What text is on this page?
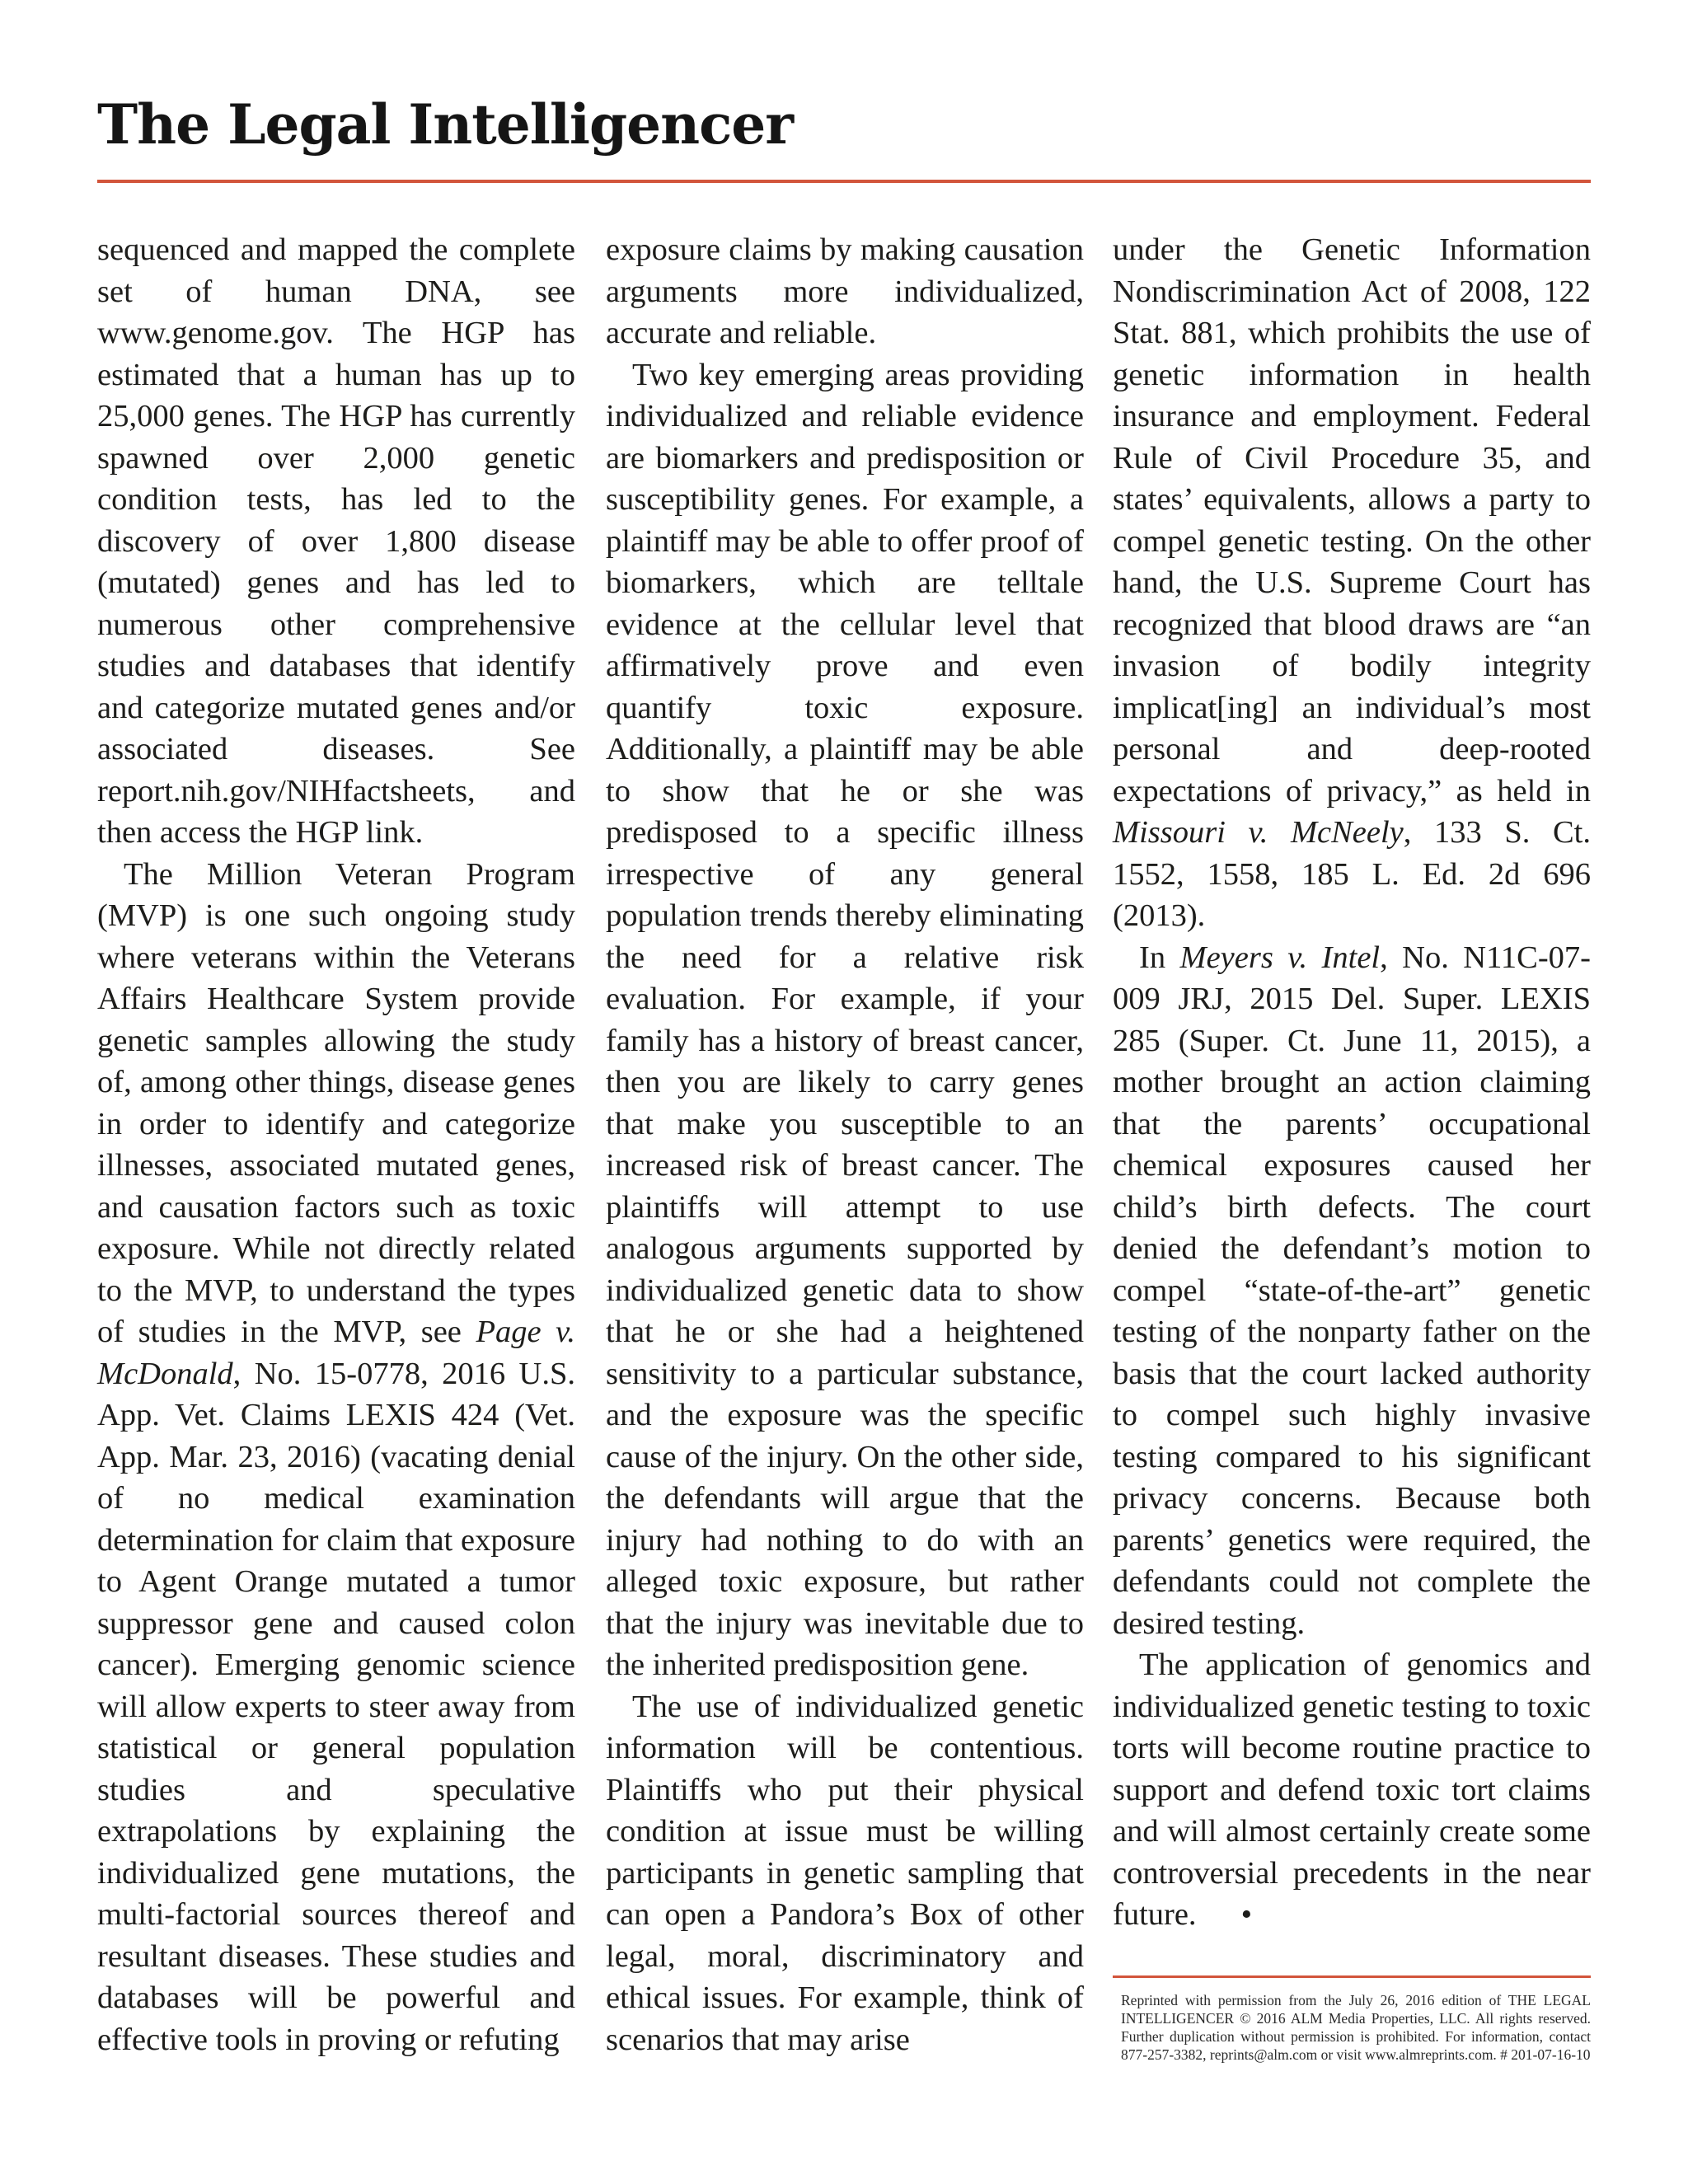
The Legal Intelligencer

sequenced and mapped the complete set of human DNA, see www.genome.gov. The HGP has estimated that a human has up to 25,000 genes. The HGP has currently spawned over 2,000 genetic condition tests, has led to the discovery of over 1,800 disease (mutated) genes and has led to numerous other comprehensive studies and databases that identify and categorize mutated genes and/or associated diseases. See report.nih.gov/NIHfactsheets, and then access the HGP link.

The Million Veteran Program (MVP) is one such ongoing study where veterans within the Veterans Affairs Healthcare System provide genetic samples allowing the study of, among other things, disease genes in order to identify and categorize illnesses, associated mutated genes, and causation factors such as toxic exposure. While not directly related to the MVP, to understand the types of studies in the MVP, see Page v. McDonald, No. 15-0778, 2016 U.S. App. Vet. Claims LEXIS 424 (Vet. App. Mar. 23, 2016) (vacating denial of no medical examination determination for claim that exposure to Agent Orange mutated a tumor suppressor gene and caused colon cancer). Emerging genomic science will allow experts to steer away from statistical or general population studies and speculative extrapolations by explaining the individualized gene mutations, the multi-factorial sources thereof and resultant diseases. These studies and databases will be powerful and effective tools in proving or refuting

exposure claims by making causation arguments more individualized, accurate and reliable.

Two key emerging areas providing individualized and reliable evidence are biomarkers and predisposition or susceptibility genes. For example, a plaintiff may be able to offer proof of biomarkers, which are telltale evidence at the cellular level that affirmatively prove and even quantify toxic exposure. Additionally, a plaintiff may be able to show that he or she was predisposed to a specific illness irrespective of any general population trends thereby eliminating the need for a relative risk evaluation. For example, if your family has a history of breast cancer, then you are likely to carry genes that make you susceptible to an increased risk of breast cancer. The plaintiffs will attempt to use analogous arguments supported by individualized genetic data to show that he or she had a heightened sensitivity to a particular substance, and the exposure was the specific cause of the injury. On the other side, the defendants will argue that the injury had nothing to do with an alleged toxic exposure, but rather that the injury was inevitable due to the inherited predisposition gene.

The use of individualized genetic information will be contentious. Plaintiffs who put their physical condition at issue must be willing participants in genetic sampling that can open a Pandora’s Box of other legal, moral, discriminatory and ethical issues. For example, think of scenarios that may arise

under the Genetic Information Nondiscrimination Act of 2008, 122 Stat. 881, which prohibits the use of genetic information in health insurance and employment. Federal Rule of Civil Procedure 35, and states’ equivalents, allows a party to compel genetic testing. On the other hand, the U.S. Supreme Court has recognized that blood draws are “an invasion of bodily integrity implicat[ing] an individual’s most personal and deep-rooted expectations of privacy,” as held in Missouri v. McNeely, 133 S. Ct. 1552, 1558, 185 L. Ed. 2d 696 (2013).

In Meyers v. Intel, No. N11C-07-009 JRJ, 2015 Del. Super. LEXIS 285 (Super. Ct. June 11, 2015), a mother brought an action claiming that the parents’ occupational chemical exposures caused her child’s birth defects. The court denied the defendant’s motion to compel “state-of-the-art” genetic testing of the nonparty father on the basis that the court lacked authority to compel such highly invasive testing compared to his significant privacy concerns. Because both parents’ genetics were required, the defendants could not complete the desired testing.

The application of genomics and individualized genetic testing to toxic torts will become routine practice to support and defend toxic tort claims and will almost certainly create some controversial precedents in the near future. •

Reprinted with permission from the July 26, 2016 edition of THE LEGAL INTELLIGENCER © 2016 ALM Media Properties, LLC. All rights reserved. Further duplication without permission is prohibited. For information, contact 877-257-3382, reprints@alm.com or visit www.almreprints.com. # 201-07-16-10
